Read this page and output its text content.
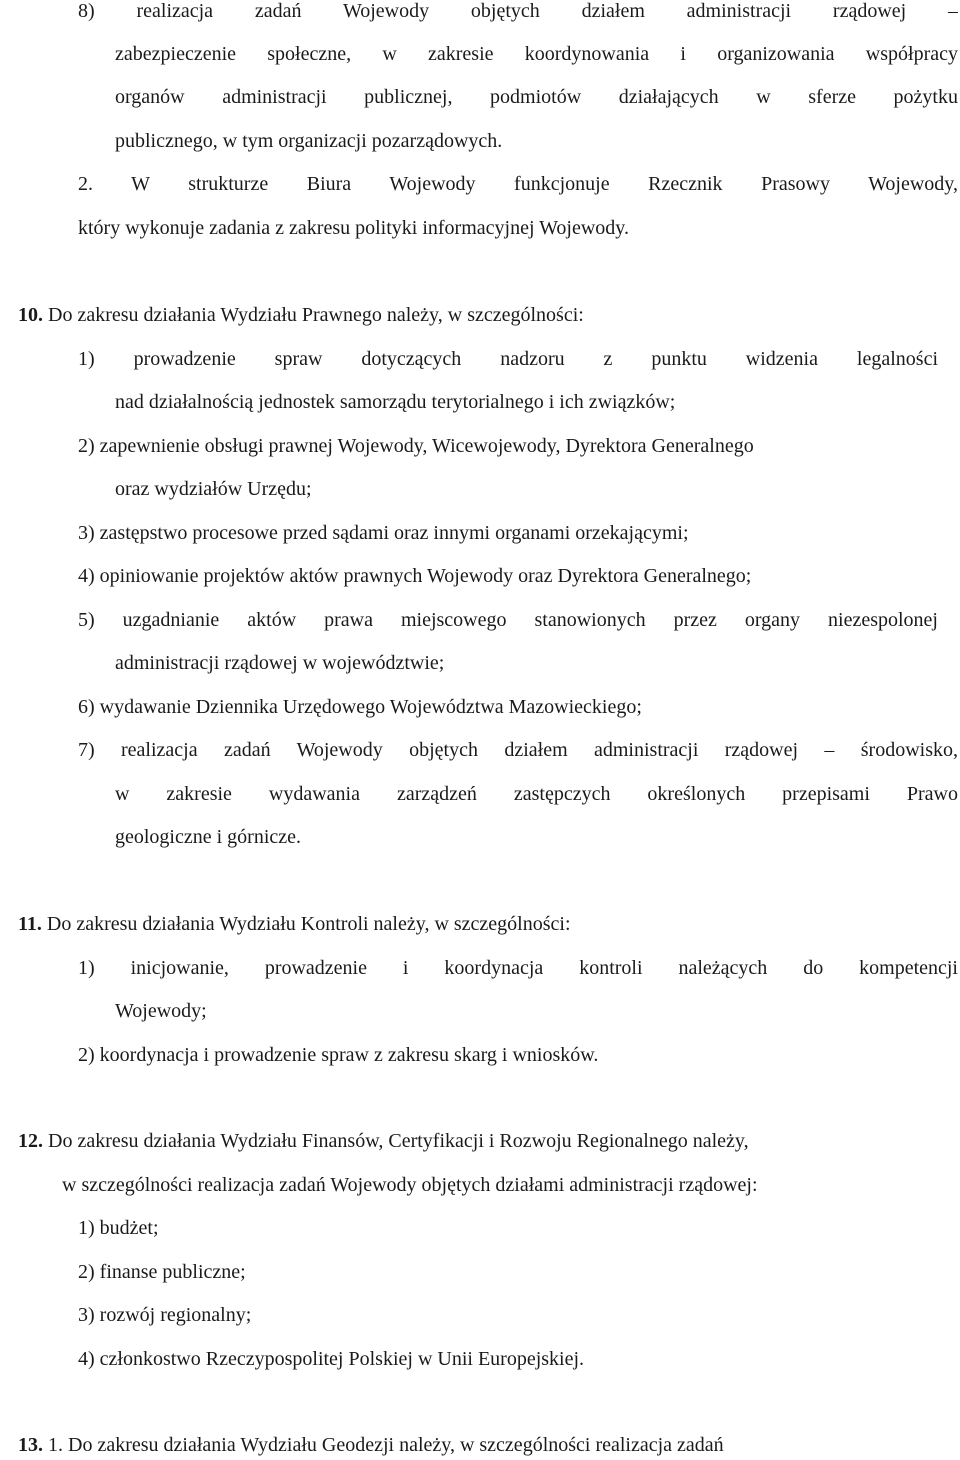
8) realizacja zadań Wojewody objętych działem administracji rządowej –
zabezpieczenie społeczne, w zakresie koordynowania i organizowania współpracy
organów administracji publicznej, podmiotów działających w sferze pożytku
publicznego, w tym organizacji pozarządowych.
2. W strukturze Biura Wojewody funkcjonuje Rzecznik Prasowy Wojewody,
który wykonuje zadania z zakresu polityki informacyjnej Wojewody.
10. Do zakresu działania Wydziału Prawnego należy, w szczególności:
1) prowadzenie spraw dotyczących nadzoru z punktu widzenia legalności
nad działalnością jednostek samorządu terytorialnego i ich związków;
2) zapewnienie obsługi prawnej Wojewody, Wicewojewody, Dyrektora Generalnego
oraz wydziałów Urzędu;
3) zastępstwo procesowe przed sądami oraz innymi organami orzekającymi;
4) opiniowanie projektów aktów prawnych Wojewody oraz Dyrektora Generalnego;
5) uzgadnianie aktów prawa miejscowego stanowionych przez organy niezespolonej
administracji rządowej w województwie;
6) wydawanie Dziennika Urzędowego Województwa Mazowieckiego;
7) realizacja zadań Wojewody objętych działem administracji rządowej – środowisko,
w zakresie wydawania zarządzeń zastępczych określonych przepisami Prawo
geologiczne i górnicze.
11. Do zakresu działania Wydziału Kontroli należy, w szczególności:
1) inicjowanie, prowadzenie i koordynacja kontroli należących do kompetencji
Wojewody;
2) koordynacja i prowadzenie spraw z zakresu skarg i wniosków.
12. Do zakresu działania Wydziału Finansów, Certyfikacji i Rozwoju Regionalnego należy,
w szczególności realizacja zadań Wojewody objętych działami administracji rządowej:
1) budżet;
2) finanse publiczne;
3) rozwój regionalny;
4) członkostwo Rzeczypospolitej Polskiej w Unii Europejskiej.
13. 1. Do zakresu działania Wydziału Geodezji należy, w szczególności realizacja zadań
